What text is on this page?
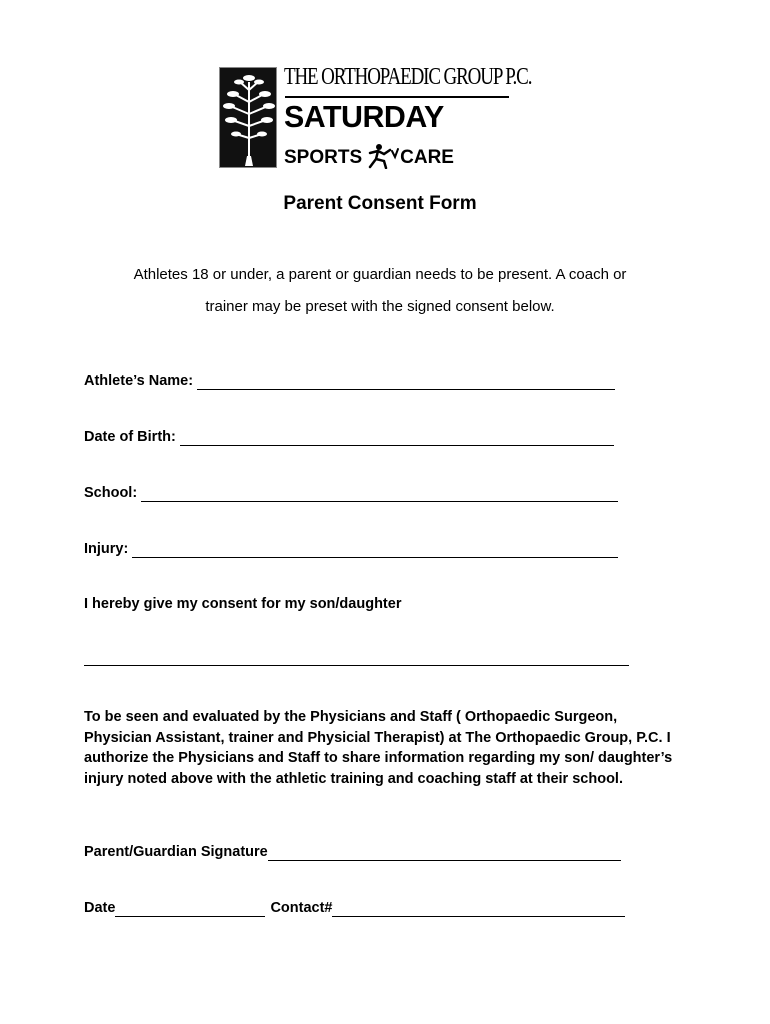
THE ORTHOPAEDIC GROUP P.C.
SATURDAY
SPORTS CARE
Parent Consent Form
Athletes 18 or under, a parent or guardian needs to be present. A coach or
trainer may be preset with the signed consent below.
Athlete’s Name:
Date of Birth:
School:
Injury:
I hereby give my consent for my son/daughter
To be seen and evaluated by the Physicians and Staff ( Orthopaedic Surgeon, Physician Assistant, trainer and Physicial Therapist) at The Orthopaedic Group, P.C. I authorize the Physicians and Staff to share information regarding my son/ daughter’s injury noted above with the athletic training and coaching staff at their school.
Parent/Guardian Signature
Date	Contact#
